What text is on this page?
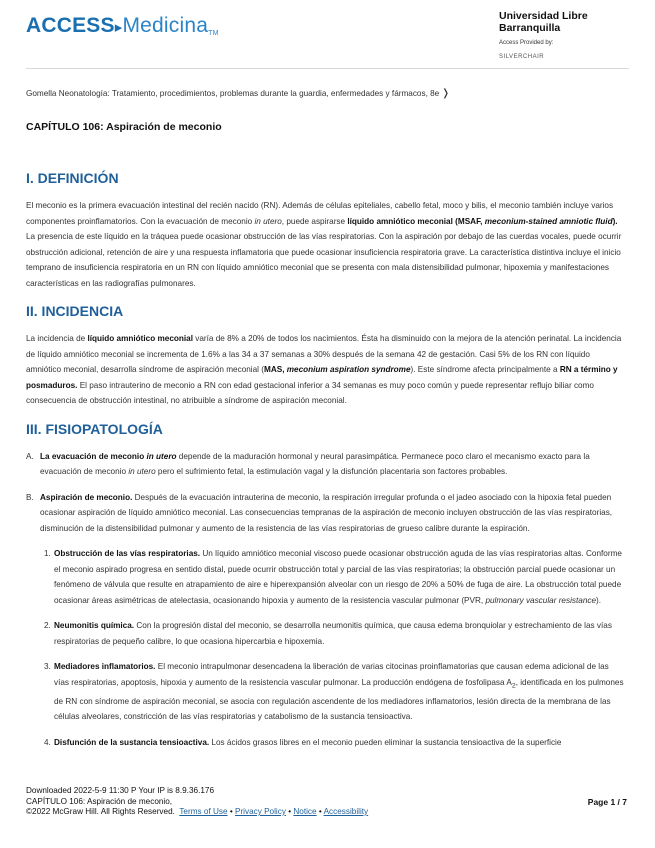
ACCESS▸MedicinaTM
Universidad Libre Barranquilla
Access Provided by:
SILVERCHAIR
Gomella Neonatología: Tratamiento, procedimientos, problemas durante la guardia, enfermedades y fármacos, 8e ❭
CAPÍTULO 106: Aspiración de meconio
I. DEFINICIÓN

El meconio es la primera evacuación intestinal del recién nacido (RN). Además de células epiteliales, cabello fetal, moco y bilis, el meconio también incluye varios componentes proinflamatorios. Con la evacuación de meconio in utero, puede aspirarse líquido amniótico meconial (MSAF, meconium-stained amniotic fluid). La presencia de este líquido en la tráquea puede ocasionar obstrucción de las vías respiratorias. Con la aspiración por debajo de las cuerdas vocales, puede ocurrir obstrucción adicional, retención de aire y una respuesta inflamatoria que puede ocasionar insuficiencia respiratoria grave. La característica distintiva incluye el inicio temprano de insuficiencia respiratoria en un RN con líquido amniótico meconial que se presenta con mala distensibilidad pulmonar, hipoxemia y manifestaciones características en las radiografías pulmonares.

II. INCIDENCIA

La incidencia de líquido amniótico meconial varía de 8% a 20% de todos los nacimientos. Ésta ha disminuido con la mejora de la atención perinatal. La incidencia de líquido amniótico meconial se incrementa de 1.6% a las 34 a 37 semanas a 30% después de la semana 42 de gestación. Casi 5% de los RN con líquido amniótico meconial, desarrolla síndrome de aspiración meconial (MAS, meconium aspiration syndrome). Este síndrome afecta principalmente a RN a término y posmaduros. El paso intrauterino de meconio a RN con edad gestacional inferior a 34 semanas es muy poco común y puede representar reflujo biliar como consecuencia de obstrucción intestinal, no atribuible a síndrome de aspiración meconial.

III. FISIOPATOLOGÍA
A. La evacuación de meconio in utero depende de la maduración hormonal y neural parasimpática. Permanece poco claro el mecanismo exacto para la evacuación de meconio in utero pero el sufrimiento fetal, la estimulación vagal y la disfunción placentaria son factores probables.
B. Aspiración de meconio. Después de la evacuación intrauterina de meconio, la respiración irregular profunda o el jadeo asociado con la hipoxia fetal pueden ocasionar aspiración de líquido amniótico meconial. Las consecuencias tempranas de la aspiración de meconio incluyen obstrucción de las vías respiratorias, disminución de la distensibilidad pulmonar y aumento de la resistencia de las vías respiratorias de grueso calibre durante la espiración.
1. Obstrucción de las vías respiratorias. Un líquido amniótico meconial viscoso puede ocasionar obstrucción aguda de las vías respiratorias altas. Conforme el meconio aspirado progresa en sentido distal, puede ocurrir obstrucción total y parcial de las vías respiratorias; la obstrucción parcial puede ocasionar un fenómeno de válvula que resulte en atrapamiento de aire e hiperexpansión alveolar con un riesgo de 20% a 50% de fuga de aire. La obstrucción total puede ocasionar áreas asimétricas de atelectasia, ocasionando hipoxia y aumento de la resistencia vascular pulmonar (PVR, pulmonary vascular resistance).
2. Neumonitis química. Con la progresión distal del meconio, se desarrolla neumonitis química, que causa edema bronquiolar y estrechamiento de las vías respiratorias de pequeño calibre, lo que ocasiona hipercarbia e hipoxemia.
3. Mediadores inflamatorios. El meconio intrapulmonar desencadena la liberación de varias citocinas proinflamatorias que causan edema adicional de las vías respiratorias, apoptosis, hipoxia y aumento de la resistencia vascular pulmonar. La producción endógena de fosfolipasa $A_2$, identificada en los pulmones de RN con síndrome de aspiración meconial, se asocia con regulación ascendente de los mediadores inflamatorios, lesión directa de la membrana de las células alveolares, constricción de las vías respiratorias y catabolismo de la sustancia tensioactiva.
4. Disfunción de la sustancia tensioactiva. Los ácidos grasos libres en el meconio pueden eliminar la sustancia tensioactiva de la superficie
Downloaded 2022-5-9 11:30 P Your IP is 8.9.36.176
CAPÍTULO 106: Aspiración de meconio,
©2022 McGraw Hill. All Rights Reserved. Terms of Use • Privacy Policy • Notice • Accessibility
Page 1 / 7
